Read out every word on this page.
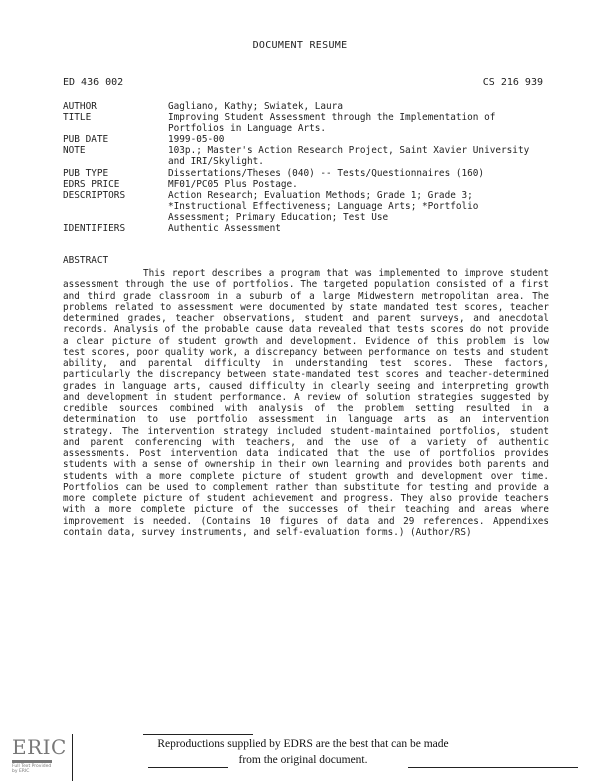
DOCUMENT RESUME
ED 436 002	CS 216 939
AUTHOR	Gagliano, Kathy; Swiatek, Laura
TITLE	Improving Student Assessment through the Implementation of Portfolios in Language Arts.
PUB DATE	1999-05-00
NOTE	103p.; Master's Action Research Project, Saint Xavier University and IRI/Skylight.
PUB TYPE	Dissertations/Theses (040) -- Tests/Questionnaires (160)
EDRS PRICE	MF01/PC05 Plus Postage.
DESCRIPTORS	Action Research; Evaluation Methods; Grade 1; Grade 3; *Instructional Effectiveness; Language Arts; *Portfolio Assessment; Primary Education; Test Use
IDENTIFIERS	Authentic Assessment
ABSTRACT

This report describes a program that was implemented to improve student assessment through the use of portfolios. The targeted population consisted of a first and third grade classroom in a suburb of a large Midwestern metropolitan area. The problems related to assessment were documented by state mandated test scores, teacher determined grades, teacher observations, student and parent surveys, and anecdotal records. Analysis of the probable cause data revealed that tests scores do not provide a clear picture of student growth and development. Evidence of this problem is low test scores, poor quality work, a discrepancy between performance on tests and student ability, and parental difficulty in understanding test scores. These factors, particularly the discrepancy between state-mandated test scores and teacher-determined grades in language arts, caused difficulty in clearly seeing and interpreting growth and development in student performance. A review of solution strategies suggested by credible sources combined with analysis of the problem setting resulted in a determination to use portfolio assessment in language arts as an intervention strategy. The intervention strategy included student-maintained portfolios, student and parent conferencing with teachers, and the use of a variety of authentic assessments. Post intervention data indicated that the use of portfolios provides students with a sense of ownership in their own learning and provides both parents and students with a more complete picture of student growth and development over time. Portfolios can be used to complement rather than substitute for testing and provide a more complete picture of student achievement and progress. They also provide teachers with a more complete picture of the successes of their teaching and areas where improvement is needed. (Contains 10 figures of data and 29 references. Appendixes contain data, survey instruments, and self-evaluation forms.) (Author/RS)

ERIC
Full Text Provided by ERIC
Reproductions supplied by EDRS are the best that can be made
from the original document.
